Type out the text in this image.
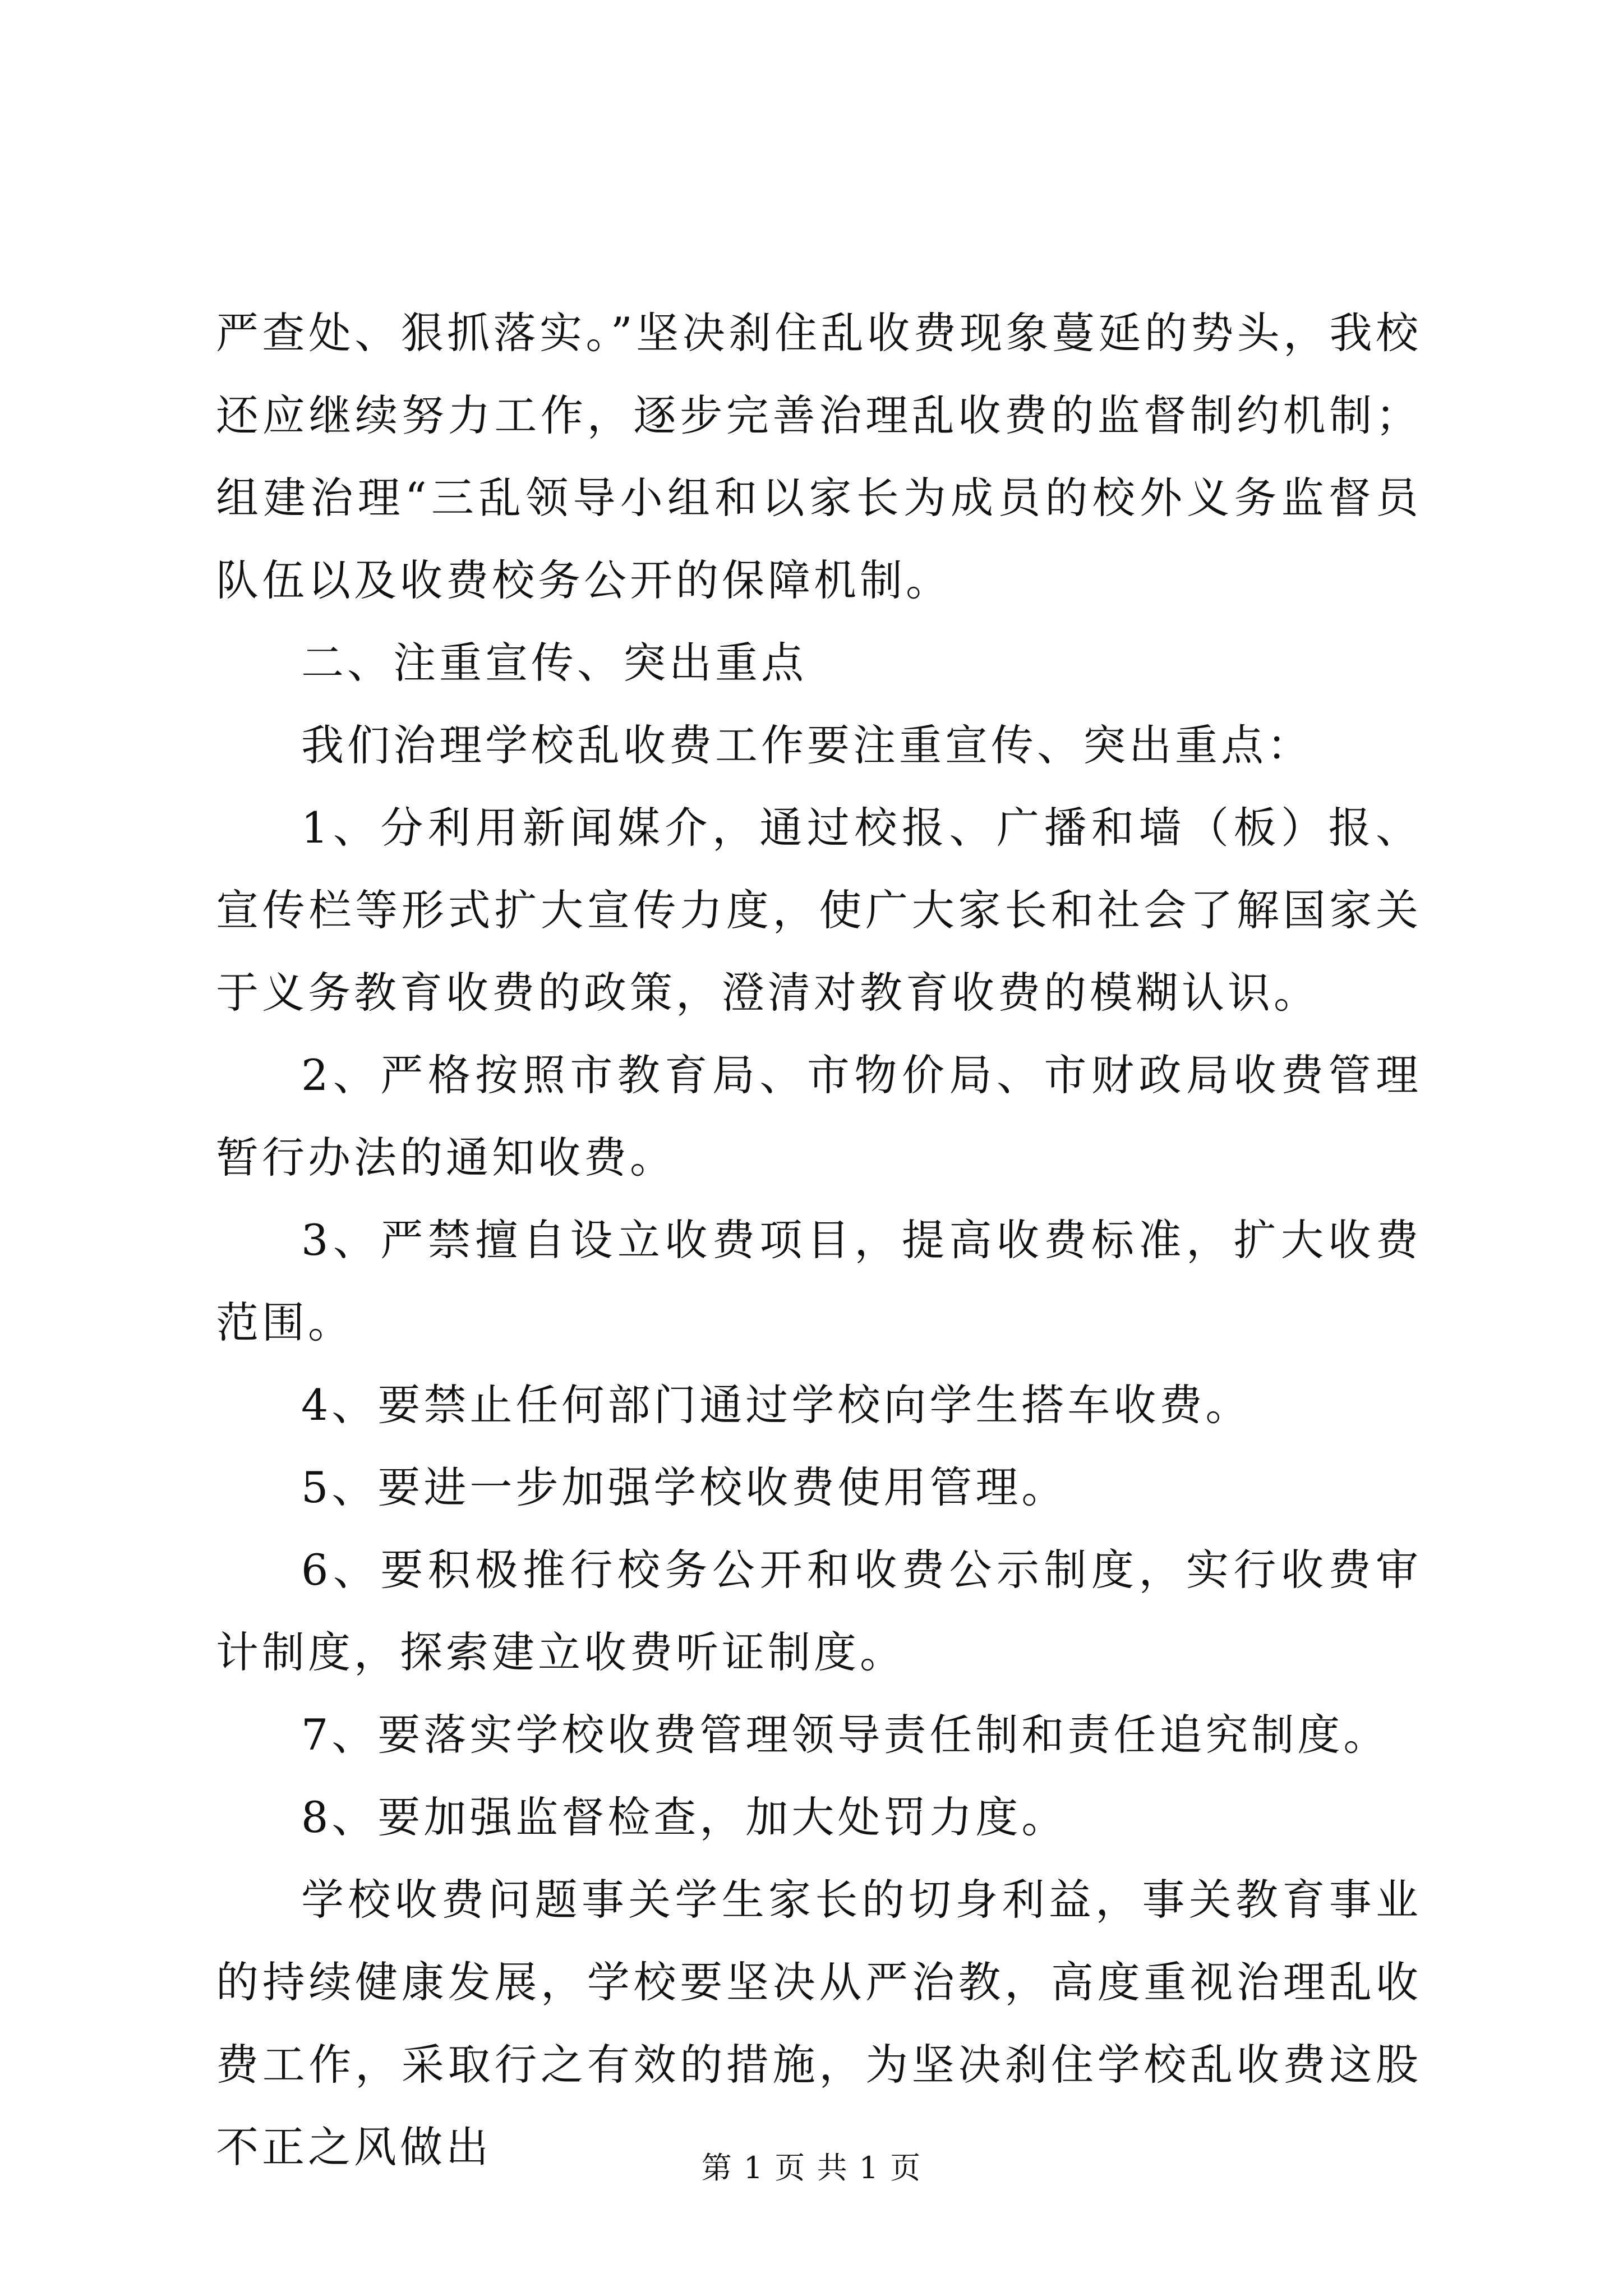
严查处、狠抓落实。”坚决刹住乱收费现象蔓延的势头，我校还应继续努力工作，逐步完善治理乱收费的监督制约机制；组建治理“三乱领导小组和以家长为成员的校外义务监督员队伍以及收费校务公开的保障机制。

二、注重宣传、突出重点

我们治理学校乱收费工作要注重宣传、突出重点：

1、分利用新闻媒介，通过校报、广播和墙（板）报、宣传栏等形式扩大宣传力度，使广大家长和社会了解国家关于义务教育收费的政策，澄清对教育收费的模糊认识。

2、严格按照市教育局、市物价局、市财政局收费管理暂行办法的通知收费。

3、严禁擅自设立收费项目，提高收费标准，扩大收费范围。

4、要禁止任何部门通过学校向学生搭车收费。

5、要进一步加强学校收费使用管理。

6、要积极推行校务公开和收费公示制度，实行收费审计制度，探索建立收费听证制度。

7、要落实学校收费管理领导责任制和责任追究制度。

8、要加强监督检查，加大处罚力度。

学校收费问题事关学生家长的切身利益，事关教育事业的持续健康发展，学校要坚决从严治教，高度重视治理乱收费工作，采取行之有效的措施，为坚决刹住学校乱收费这股不正之风做出	第 1 页 共 1 页
